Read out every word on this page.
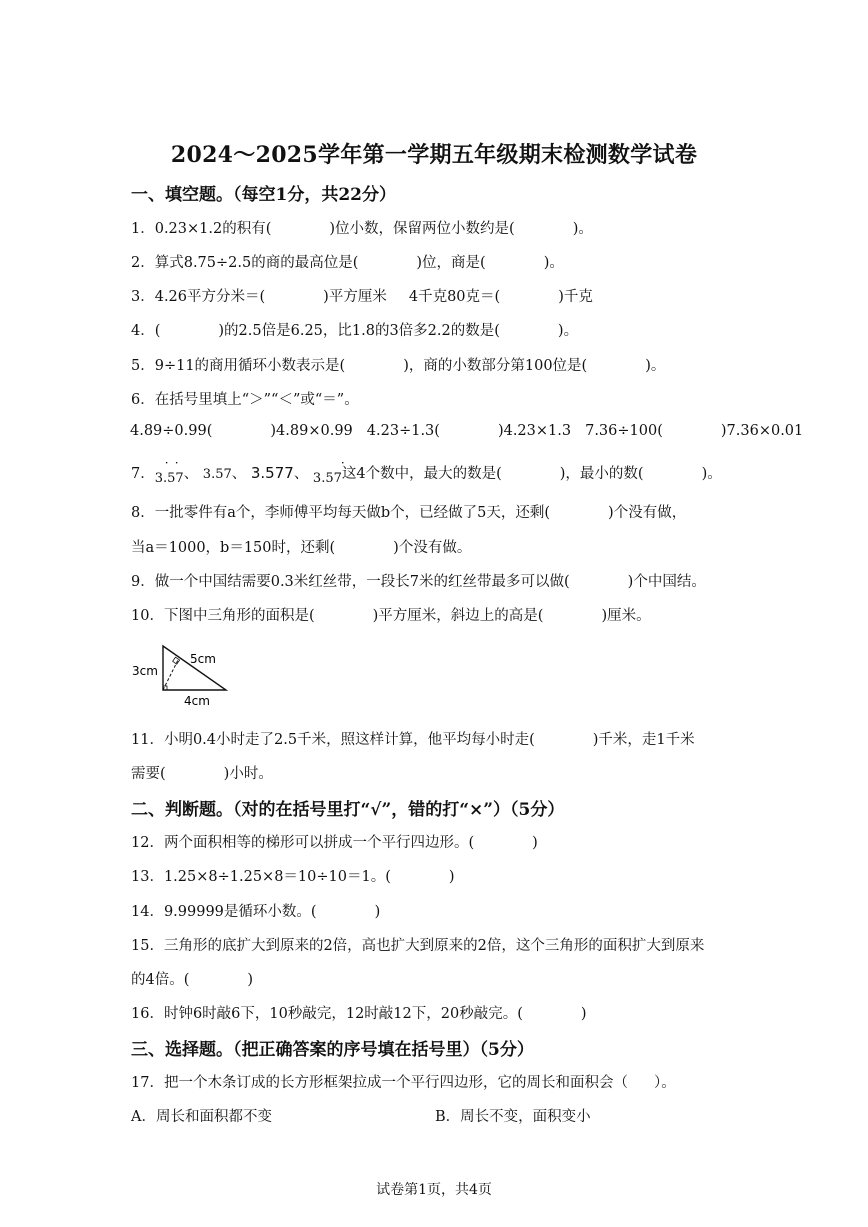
2024～2025学年第一学期五年级期末检测数学试卷
一、填空题。（每空1分，共22分）
1．0.23×1.2的积有(	)位小数，保留两位小数约是(	)。
2．算式8.75÷2.5的商的最高位是(	)位，商是(	)。
3．4.26平方分米＝(	)平方厘米 4千克80克＝(	)千克
4．(	)的2.5倍是6.25，比1.8的3倍多2.2的数是(	)。
5．9÷11的商用循环小数表示是(	)，商的小数部分第100位是(	)。
6．在括号里填上“＞”“＜”或“＝”。
4.89÷0.99(	)4.89×0.99 4.23÷1.3(	)4.23×1.3 7.36÷100(	)7.36×0.01
7．3.57
· ·
、 3.57、 3.577、 3.57
·
这4个数中，最大的数是(	)，最小的数(	)。
8．一批零件有a个，李师傅平均每天做b个，已经做了5天，还剩(	)个没有做，
当a＝1000，b＝150时，还剩(	)个没有做。
9．做一个中国结需要0.3米红丝带，一段长7米的红丝带最多可以做(	)个中国结。
10．下图中三角形的面积是(	)平方厘米，斜边上的高是(	)厘米。
3cm
5cm
4cm
11．小明0.4小时走了2.5千米，照这样计算，他平均每小时走(	)千米，走1千米
需要(	)小时。
二、判断题。（对的在括号里打“√”，错的打“×”）（5分）
12．两个面积相等的梯形可以拼成一个平行四边形。(	)
13．1.25×8÷1.25×8＝10÷10＝1。(	)
14．9.99999是循环小数。(	)
15．三角形的底扩大到原来的2倍，高也扩大到原来的2倍，这个三角形的面积扩大到原来
的4倍。(	)
16．时钟6时敲6下，10秒敲完，12时敲12下，20秒敲完。(	)
三、选择题。（把正确答案的序号填在括号里）（5分）
17．把一个木条订成的长方形框架拉成一个平行四边形，它的周长和面积会（ ）。
A．周长和面积都不变	B．周长不变，面积变小
试卷第1页，共4页
